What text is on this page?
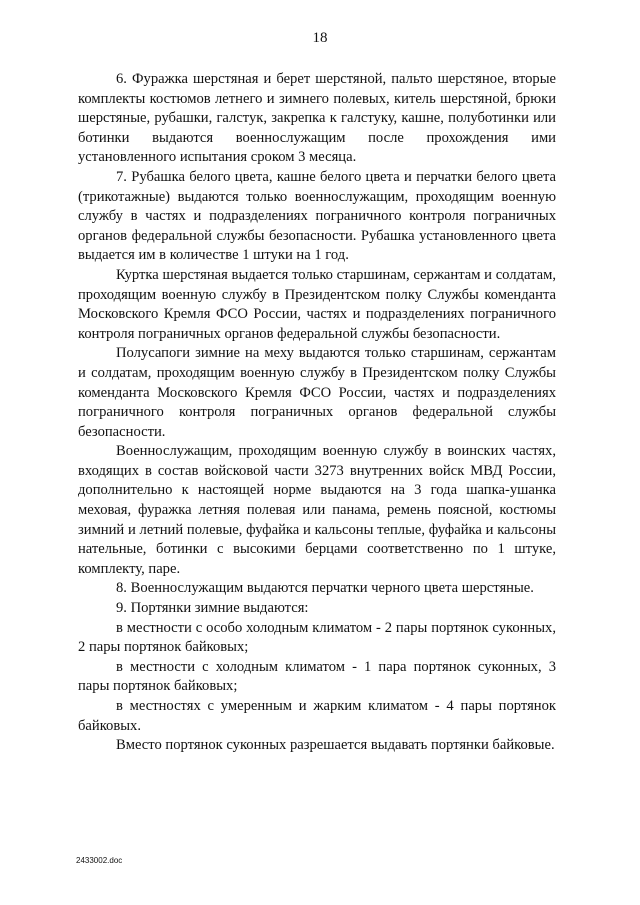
18

6. Фуражка шерстяная и берет шерстяной, пальто шерстяное, вторые комплекты костюмов летнего и зимнего полевых, китель шерстяной, брюки шерстяные, рубашки, галстук, закрепка к галстуку, кашне, полуботинки или ботинки выдаются военнослужащим после прохождения ими установленного испытания сроком 3 месяца.

7. Рубашка белого цвета, кашне белого цвета и перчатки белого цвета (трикотажные) выдаются только военнослужащим, проходящим военную службу в частях и подразделениях пограничного контроля пограничных органов федеральной службы безопасности. Рубашка установленного цвета выдается им в количестве 1 штуки на 1 год.

Куртка шерстяная выдается только старшинам, сержантам и солдатам, проходящим военную службу в Президентском полку Службы коменданта Московского Кремля ФСО России, частях и подразделениях пограничного контроля пограничных органов федеральной службы безопасности.

Полусапоги зимние на меху выдаются только старшинам, сержантам и солдатам, проходящим военную службу в Президентском полку Службы коменданта Московского Кремля ФСО России, частях и подразделениях пограничного контроля пограничных органов федеральной службы безопасности.

Военнослужащим, проходящим военную службу в воинских частях, входящих в состав войсковой части 3273 внутренних войск МВД России, дополнительно к настоящей норме выдаются на 3 года шапка-ушанка меховая, фуражка летняя полевая или панама, ремень поясной, костюмы зимний и летний полевые, фуфайка и кальсоны теплые, фуфайка и кальсоны нательные, ботинки с высокими берцами соответственно по 1 штуке, комплекту, паре.

8. Военнослужащим выдаются перчатки черного цвета шерстяные.

9. Портянки зимние выдаются:

в местности с особо холодным климатом - 2 пары портянок суконных, 2 пары портянок байковых;

в местности с холодным климатом - 1 пара портянок суконных, 3 пары портянок байковых;

в местностях с умеренным и жарким климатом - 4 пары портянок байковых.

Вместо портянок суконных разрешается выдавать портянки байковые.

2433002.doc
